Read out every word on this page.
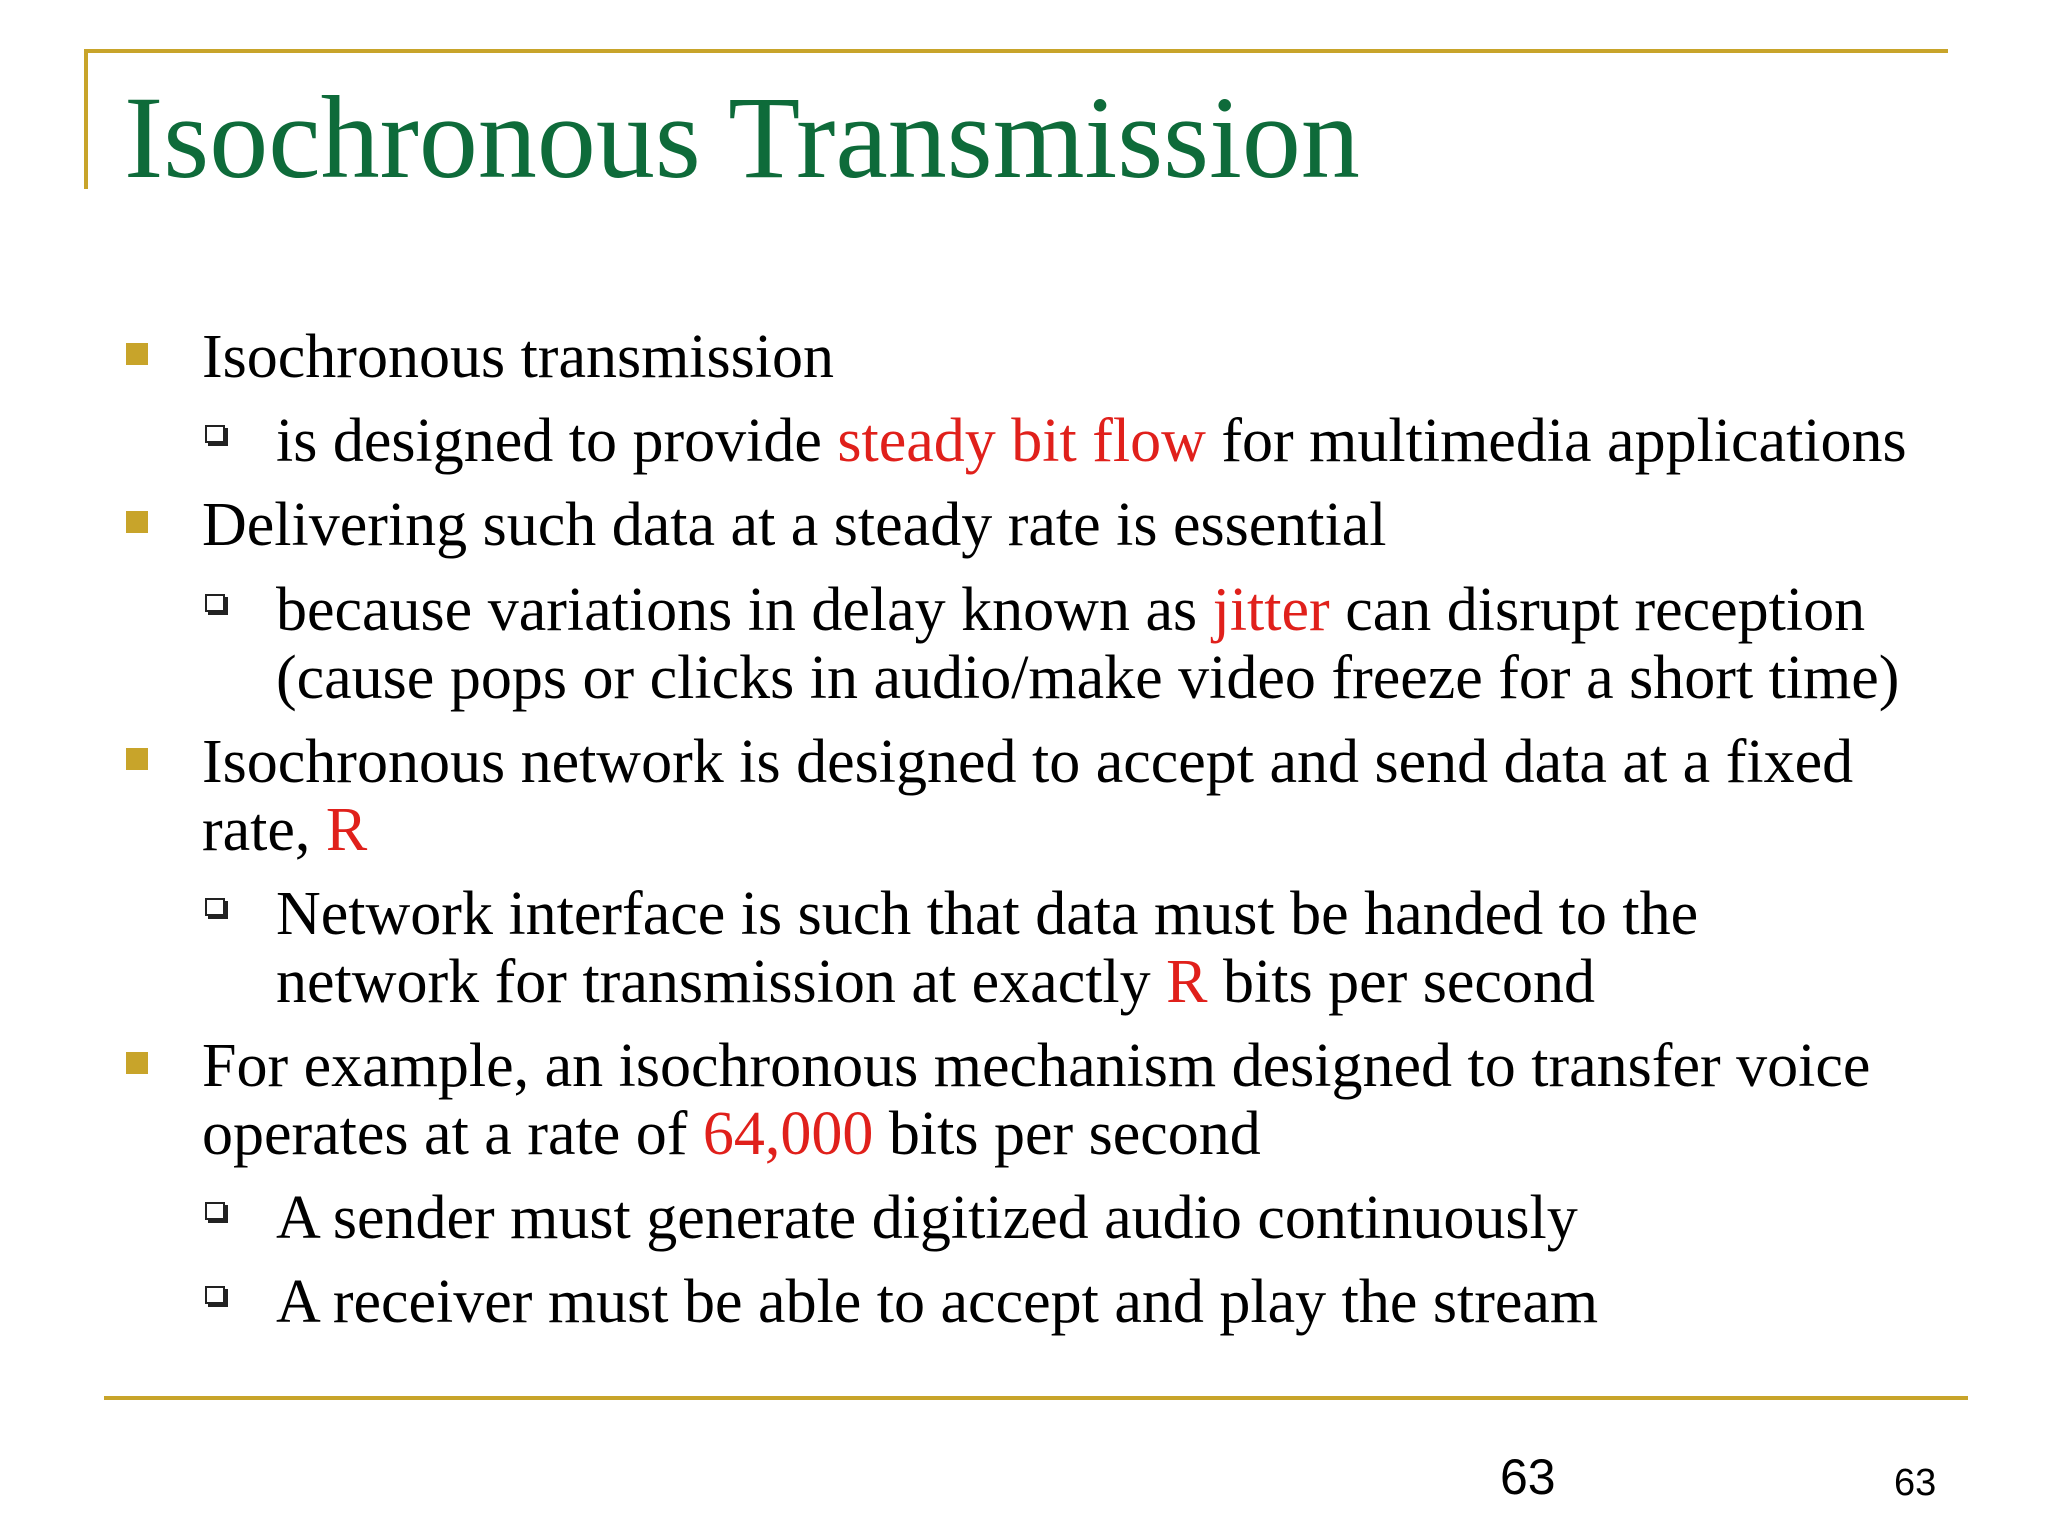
Isochronous Transmission
Isochronous transmission
is designed to provide steady bit flow for multimedia applications
Delivering such data at a steady rate is essential
because variations in delay known as jitter can disrupt reception (cause pops or clicks in audio/make video freeze for a short time)
Isochronous network is designed to accept and send data at a fixed rate, R
Network interface is such that data must be handed to the network for transmission at exactly R bits per second
For example, an isochronous mechanism designed to transfer voice operates at a rate of 64,000 bits per second
A sender must generate digitized audio continuously
A receiver must be able to accept and play the stream
63	63
